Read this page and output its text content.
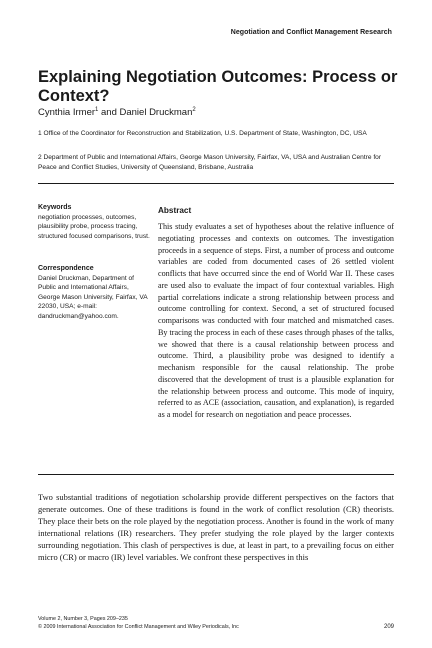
Negotiation and Conflict Management Research
Explaining Negotiation Outcomes: Process or Context?
Cynthia Irmer$^1$ and Daniel Druckman$^2$
1 Office of the Coordinator for Reconstruction and Stabilization, U.S. Department of State, Washington, DC, USA
2 Department of Public and International Affairs, George Mason University, Fairfax, VA, USA and Australian Centre for Peace and Conflict Studies, University of Queensland, Brisbane, Australia
Keywords

negotiation processes, outcomes, plausibility probe, process tracing, structured focused comparisons, trust.

Correspondence

Daniel Druckman, Department of Public and International Affairs, George Mason University, Fairfax, VA 22030, USA; e-mail: dandruckman@yahoo.com.

Abstract

This study evaluates a set of hypotheses about the relative influence of negotiating processes and contexts on outcomes. The investigation proceeds in a sequence of steps. First, a number of process and outcome variables are coded from documented cases of 26 settled violent conflicts that have occurred since the end of World War II. These cases are used also to evaluate the impact of four contextual variables. High partial correlations indicate a strong relationship between process and outcome controlling for context. Second, a set of structured focused comparisons was conducted with four matched and mismatched cases. By tracing the process in each of these cases through phases of the talks, we showed that there is a causal relationship between process and outcome. Third, a plausibility probe was designed to identify a mechanism responsible for the causal relationship. The probe discovered that the development of trust is a plausible explanation for the relationship between process and outcome. This mode of inquiry, referred to as ACE (association, causation, and explanation), is regarded as a model for research on negotiation and peace processes.

Two substantial traditions of negotiation scholarship provide different perspectives on the factors that generate outcomes. One of these traditions is found in the work of conflict resolution (CR) theorists. They place their bets on the role played by the negotiation process. Another is found in the work of many international relations (IR) researchers. They prefer studying the role played by the larger contexts surrounding negotiation. This clash of perspectives is due, at least in part, to a prevailing focus on either micro (CR) or macro (IR) level variables. We confront these perspectives in this

Volume 2, Number 3, Pages 209–235
© 2009 International Association for Conflict Management and Wiley Periodicals, Inc	209
